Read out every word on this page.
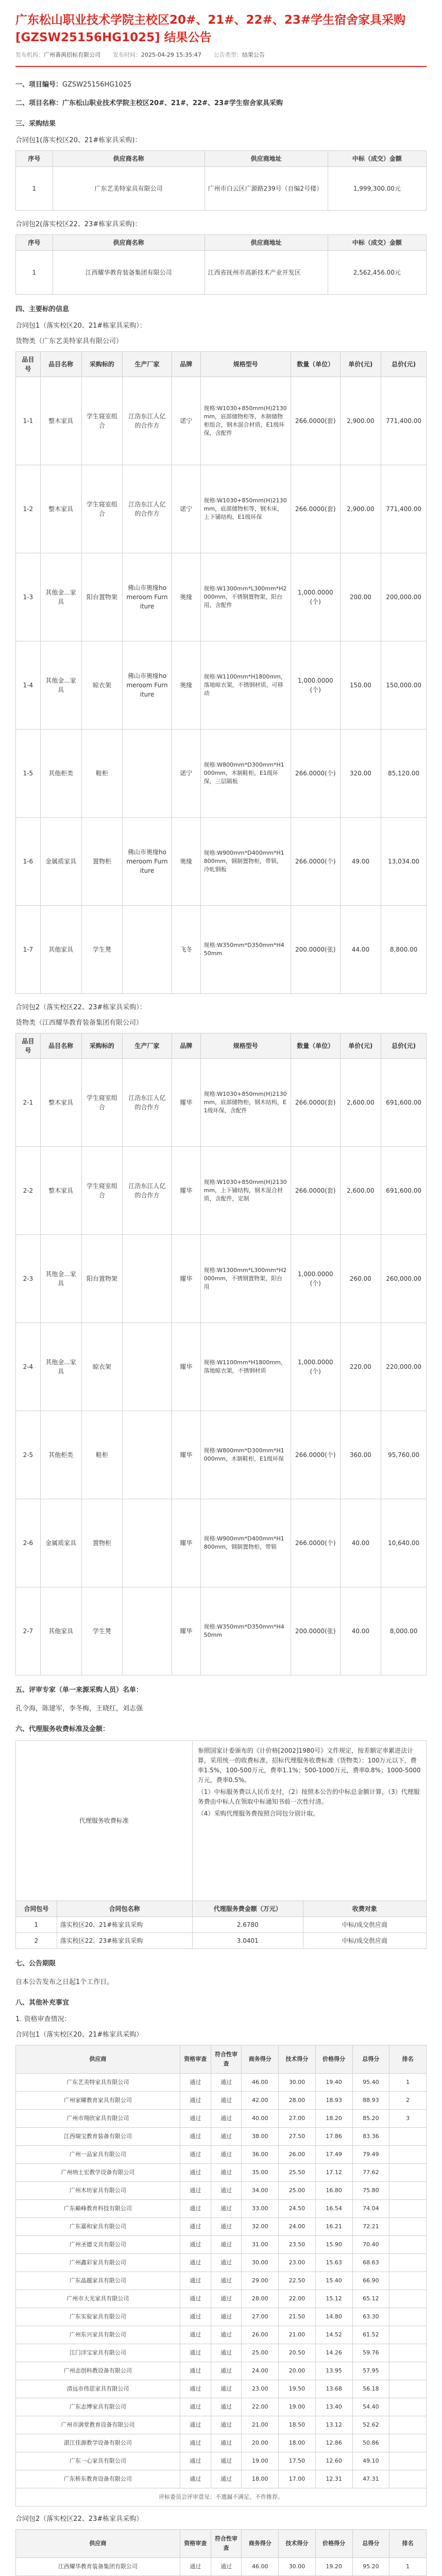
广东松山职业技术学院主校区20#、21#、22#、23#学生宿舍家具采购 [GZSW25156HG1025] 结果公告
发布机构：广州番禺招标有限公司 发布时间：2025-04-29 15:35:47 公告类型：结果公告
一、项目编号：GZSW25156HG1025
二、项目名称：广东松山职业技术学院主校区20#、21#、22#、23#学生宿舍家具采购
三、采购结果
合同包1(落实校区20、21#栋家具采购)：
序号	供应商名称	供应商地址	中标（成交）金额
1	广东艺美特家具有限公司	广州市白云区广源路239号（自编2号楼）	1,999,300.00元
合同包2(落实校区22、23#栋家具采购)：
序号	供应商名称	供应商地址	中标（成交）金额
1	江西耀华教育装备集团有限公司	江西省抚州市高新技术产业开发区	2,562,456.00元
四、主要标的信息
合同包1（落实校区20、21#栋家具采购）：
货物类（广东艺美特家具有限公司）
品目号	品目名称	采购标的	生产厂家	品牌	规格型号	数量（单位）	单价(元)	总价(元)
1-1	整木家具	学生寝室组合	江浩东江人亿的合作方	诺宁	规格:W1030+850mm(H)2130mm，底部储物柜等，木制储物柜组合，钢木混合材质，E1级环保，含配件	266.0000(套)	2,900.00	771,400.00
1-2	整木家具	学生寝室组合	江浩东江人亿的合作方	诺宁	规格:W1030+850mm(H)2130mm，底部储物柜等，钢木床，上下铺结构，E1级环保	266.0000(套)	2,900.00	771,400.00
1-3	其他金...家具	阳台置物架	佛山市奥缘homeroom Furniture	奥缘	规格:W1300mm*L300mm*H2000mm，不锈钢置物架，阳台用，含配件	1,000.0000(个)	200.00	200,000.00
1-4	其他金...家具	晾衣架	佛山市奥缘homeroom Furniture	奥缘	规格:W1100mm*H1800mm，落地晾衣架，不锈钢材质，可移动	1,000.0000(个)	150.00	150,000.00
1-5	其他柜类	鞋柜		诺宁	规格:W800mm*D300mm*H1000mm，木制鞋柜，E1级环保，三层隔板	266.0000(个)	320.00	85,120.00
1-6	金属质家具	置物柜	佛山市奥缘homeroom Furniture	奥缘	规格:W900mm*D400mm*H1800mm，钢制置物柜，带锁，冷轧钢板	266.0000(个)	49.00	13,034.00
1-7	其他家具	学生凳		飞冬	规格:W350mm*D350mm*H450mm	200.0000(张)	44.00	8,800.00
合同包2（落实校区22、23#栋家具采购）：
货物类（江西耀华教育装备集团有限公司）
品目号	品目名称	采购标的	生产厂家	品牌	规格型号	数量（单位）	单价(元)	总价(元)
2-1	整木家具	学生寝室组合	江浩东江人亿的合作方	耀华	规格:W1030+850mm(H)2130mm，底部储物柜，钢木结构，E1级环保，含配件	266.0000(套)	2,600.00	691,600.00
2-2	整木家具	学生寝室组合	江浩东江人亿的合作方	耀华	规格:W1030+850mm(H)2130mm，上下铺结构，钢木混合材质，含配件，定制	266.0000(套)	2,600.00	691,600.00
2-3	其他金...家具	阳台置物架		耀华	规格:W1300mm*L300mm*H2000mm，不锈钢置物架，阳台用	1,000.0000(个)	260.00	260,000.00
2-4	其他金...家具	晾衣架		耀华	规格:W1100mm*H1800mm，落地晾衣架，不锈钢材质	1,000.0000(个)	220.00	220,000.00
2-5	其他柜类	鞋柜		耀华	规格:W800mm*D300mm*H1000mm，木制鞋柜，E1级环保	266.0000(个)	360.00	95,760.00
2-6	金属质家具	置物柜		耀华	规格:W900mm*D400mm*H1800mm，钢制置物柜，带锁	266.0000(个)	40.00	10,640.00
2-7	其他家具	学生凳		耀华	规格:W350mm*D350mm*H450mm	200.0000(张)	40.00	8,000.00
五、评审专家（单一来源采购人员）名单：
孔令海，陈建军，李冬梅，王晓红，刘志强
六、代理服务收费标准及金额：
代理服务收费标准	
参照国家计委颁布的《计价格[2002]1980号》文件规定，按差额定率累进法计算，采用统一的收费标准，招标代理服务收费标准（货物类）：100万元以下，费率1.5%，100-500万元，费率1.1%；500-1000万元，费率0.8%；1000-5000万元，费率0.5%。
（1）中标服务费以人民币支付，（2）按照本公告的中标总金额计算，（3）代理服务费由中标人在领取中标通知书前一次性付清。
（4）采购代理服务费按照合同包分别计取。
合同包号	合同包名称	代理服务费金额（万元）	收费对象
1	落实校区20、21#栋家具采购	2.6780	中标/成交供应商
2	落实校区22、23#栋家具采购	3.0401	中标/成交供应商
七、公告期限
自本公告发布之日起1个工作日。
八、其他补充事宜
1. 资格审查情况：
合同包1（落实校区20、21#栋家具采购）
供应商	资格审查	符合性审查	商务得分	技术得分	价格得分	总得分	排名
广东艺美特家具有限公司	通过	通过	46.00	30.00	19.40	95.40	1
广州家曜教育家具有限公司	通过	通过	42.00	28.00	18.93	88.93	2
广州市翔欣家具有限公司	通过	通过	40.00	27.00	18.20	85.20	3
江西瑞宝教育装备有限公司	通过	通过	38.00	27.50	17.86	83.36	
广州一品家具有限公司	通过	通过	36.00	26.00	17.49	79.49	
广州纳土宏教学设备有限公司	通过	通过	35.00	25.50	17.12	77.62	
广州木坊家具有限公司	通过	通过	34.00	25.00	16.80	75.80	
广东巅峰教育科技有限公司	通过	通过	33.00	24.50	16.54	74.04	
广东嘉和家具有限公司	通过	通过	32.00	24.00	16.21	72.21	
广州圣德文具有限公司	通过	通过	31.00	23.50	15.90	70.40	
广州鑫彩家具有限公司	通过	通过	30.00	23.00	15.63	68.63	
广东晶越家具有限公司	通过	通过	29.00	22.50	15.40	66.90	
广州市大光家具有限公司	通过	通过	28.00	22.00	15.12	65.12	
广东实验家具有限公司	通过	通过	27.00	21.50	14.80	63.30	
广州东兴家具有限公司	通过	通过	26.00	21.00	14.52	61.52	
江门洋宝家具有限公司	通过	通过	25.00	20.50	14.26	59.76	
广州志创科教设备有限公司	通过	通过	24.00	20.00	13.95	57.95	
清远市伟思家具有限公司	通过	通过	23.00	19.50	13.68	56.18	
广东志博家具有限公司	通过	通过	22.00	19.00	13.40	54.40	
广州市满堂教育设备有限公司	通过	通过	21.00	18.50	13.12	52.62	
湛江佳源教学设备有限公司	通过	通过	20.00	18.00	12.86	50.86	
广东一心家具有限公司	通过	通过	19.00	17.50	12.60	49.10	
广东桥东教育设备有限公司	通过	通过	18.00	17.00	12.31	47.31	
评标委员会评审意见：不遗漏不满足、不作推荐。							
合同包2（落实校区22、23#栋家具采购）
供应商	资格审查	符合性审查	商务得分	技术得分	价格得分	总得分	排名
江西耀华教育装备集团有限公司	通过	通过	46.00	30.00	19.20	95.20	1
